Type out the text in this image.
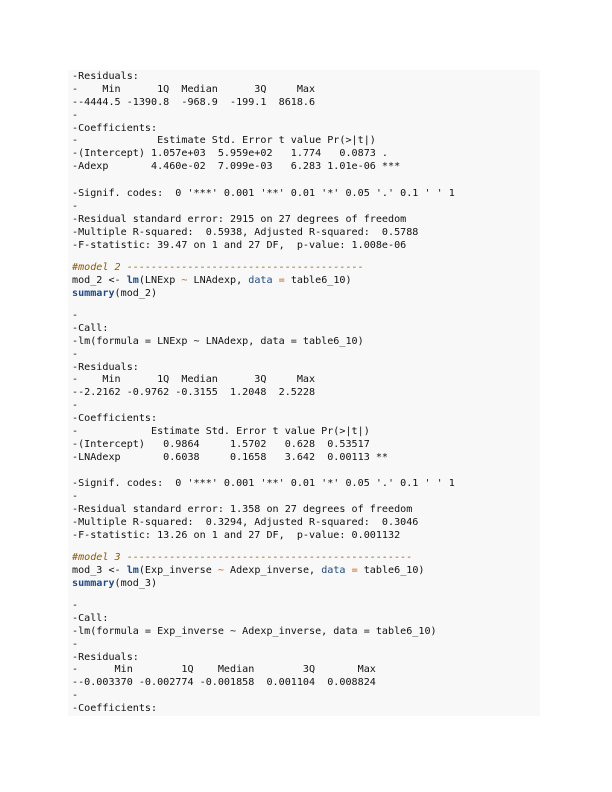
-Residuals:
-    Min      1Q  Median      3Q     Max
--4444.5 -1390.8  -968.9  -199.1  8618.6
-
-Coefficients:
-             Estimate Std. Error t value Pr(>|t|)
-(Intercept) 1.057e+03  5.959e+02   1.774   0.0873 .
-Adexp       4.460e-02  7.099e-03   6.283 1.01e-06 ***
-Signif. codes:  0 '***' 0.001 '**' 0.01 '*' 0.05 '.' 0.1 ' ' 1
-
-Residual standard error: 2915 on 27 degrees of freedom
-Multiple R-squared:  0.5938, Adjusted R-squared:  0.5788
-F-statistic: 39.47 on 1 and 27 DF,  p-value: 1.008e-06
#model 2 ---------------------------------------
mod_2 <- lm(LNExp ~ LNAdexp, data = table6_10)
summary(mod_2)
-
-Call:
-lm(formula = LNExp ~ LNAdexp, data = table6_10)
-
-Residuals:
-    Min      1Q  Median      3Q     Max
--2.2162 -0.9762 -0.3155  1.2048  2.5228
-
-Coefficients:
-            Estimate Std. Error t value Pr(>|t|)
-(Intercept)   0.9864     1.5702   0.628  0.53517
-LNAdexp       0.6038     0.1658   3.642  0.00113 **
-Signif. codes:  0 '***' 0.001 '**' 0.01 '*' 0.05 '.' 0.1 ' ' 1
-
-Residual standard error: 1.358 on 27 degrees of freedom
-Multiple R-squared:  0.3294, Adjusted R-squared:  0.3046
-F-statistic: 13.26 on 1 and 27 DF,  p-value: 0.001132
#model 3 -----------------------------------------------
mod_3 <- lm(Exp_inverse ~ Adexp_inverse, data = table6_10)
summary(mod_3)
-
-Call:
-lm(formula = Exp_inverse ~ Adexp_inverse, data = table6_10)
-
-Residuals:
-      Min        1Q    Median        3Q       Max
--0.003370 -0.002774 -0.001858  0.001104  0.008824
-
-Coefficients:
